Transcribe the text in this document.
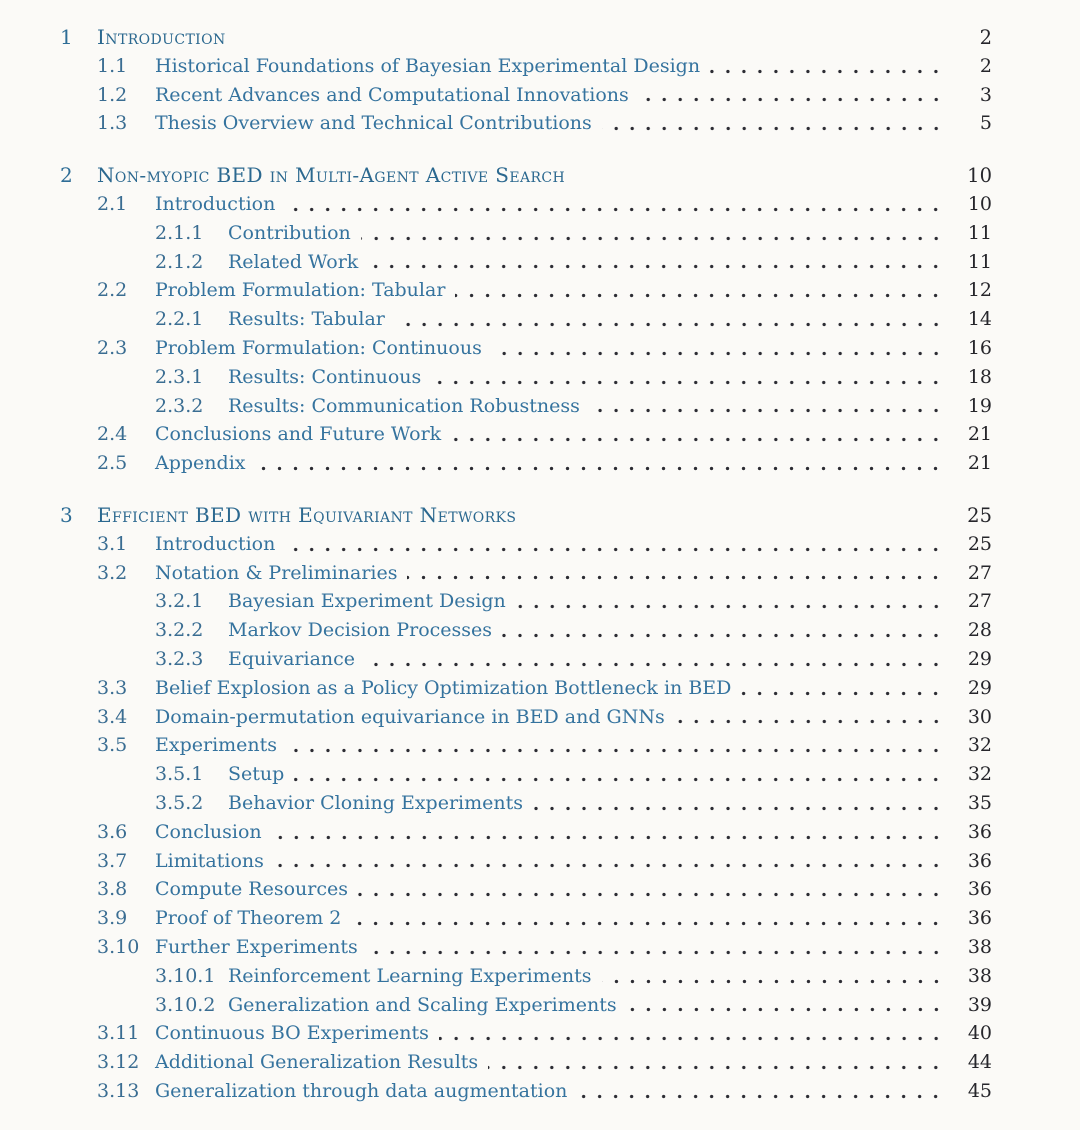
1	Introduction	2
1.1	Historical Foundations of Bayesian Experimental Design	2
1.2	Recent Advances and Computational Innovations	3
1.3	Thesis Overview and Technical Contributions	5
2	Non-myopic BED in Multi-Agent Active Search	10
2.1	Introduction	10
2.1.1	Contribution	11
2.1.2	Related Work	11
2.2	Problem Formulation: Tabular	12
2.2.1	Results: Tabular	14
2.3	Problem Formulation: Continuous	16
2.3.1	Results: Continuous	18
2.3.2	Results: Communication Robustness	19
2.4	Conclusions and Future Work	21
2.5	Appendix	21
3	Efficient BED with Equivariant Networks	25
3.1	Introduction	25
3.2	Notation & Preliminaries	27
3.2.1	Bayesian Experiment Design	27
3.2.2	Markov Decision Processes	28
3.2.3	Equivariance	29
3.3	Belief Explosion as a Policy Optimization Bottleneck in BED	29
3.4	Domain-permutation equivariance in BED and GNNs	30
3.5	Experiments	32
3.5.1	Setup	32
3.5.2	Behavior Cloning Experiments	35
3.6	Conclusion	36
3.7	Limitations	36
3.8	Compute Resources	36
3.9	Proof of Theorem 2	36
3.10 Further Experiments	38
3.10.1 Reinforcement Learning Experiments	38
3.10.2 Generalization and Scaling Experiments	39
3.11 Continuous BO Experiments	40
3.12 Additional Generalization Results	44
3.13 Generalization through data augmentation	45
